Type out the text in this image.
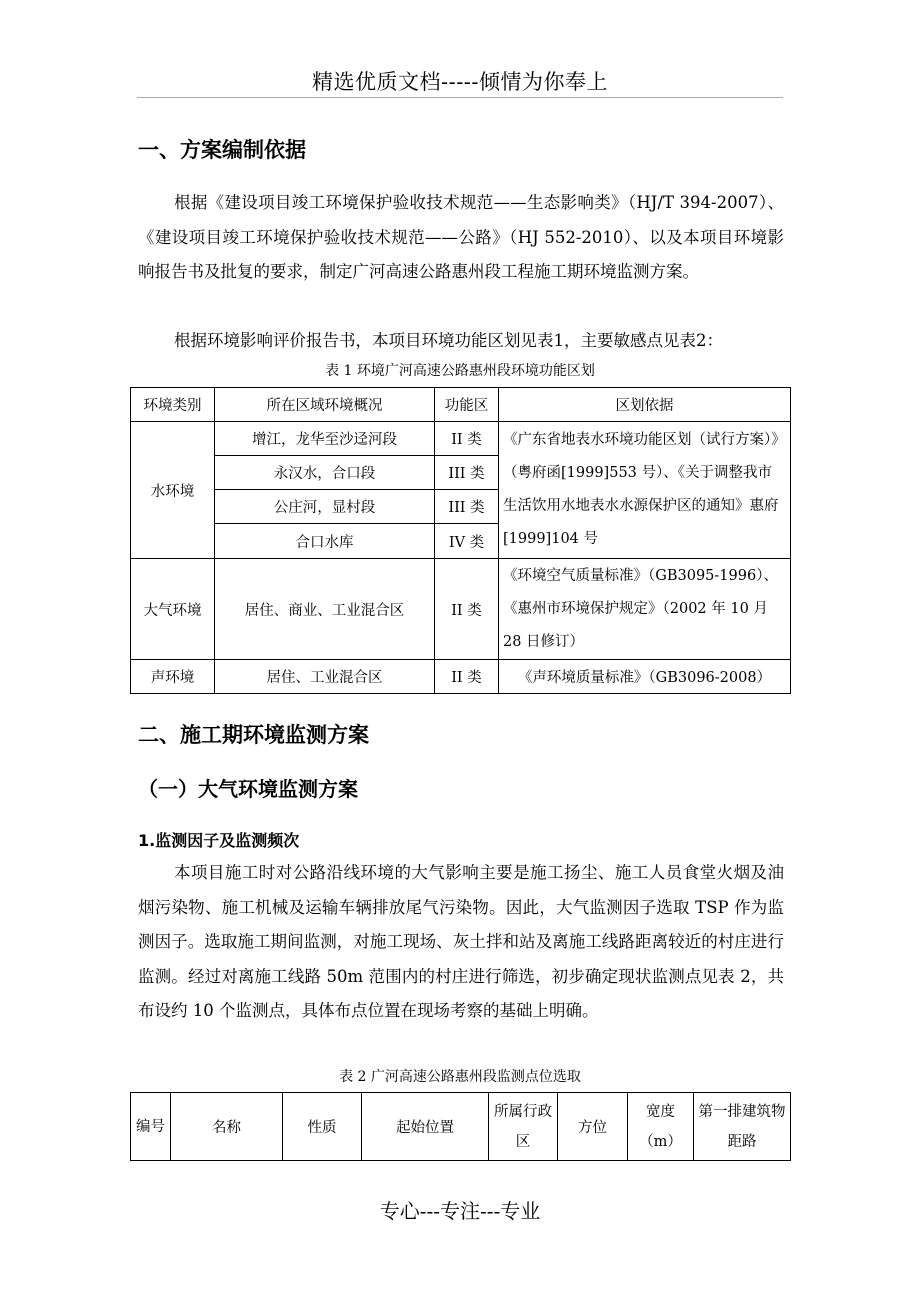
精选优质文档-----倾情为你奉上
一、方案编制依据
根据《建设项目竣工环境保护验收技术规范——生态影响类》（HJ/T 394-2007）、《建设项目竣工环境保护验收技术规范——公路》（HJ 552-2010）、以及本项目环境影响报告书及批复的要求，制定广河高速公路惠州段工程施工期环境监测方案。
根据环境影响评价报告书，本项目环境功能区划见表1，主要敏感点见表2：
表 1 环境广河高速公路惠州段环境功能区划
环境类别	所在区域环境概况	功能区	区划依据
水环境	增江，龙华至沙迳河段	II 类	《广东省地表水环境功能区划（试行方案）》（粤府函[1999]553 号）、《关于调整我市生活饮用水地表水水源保护区的通知》惠府[1999]104 号
	永汉水，合口段	III 类	
	公庄河，显村段	III 类	
	合口水库	IV 类	
大气环境	居住、商业、工业混合区	II 类	《环境空气质量标准》（GB3095-1996）、《惠州市环境保护规定》（2002 年 10 月 28 日修订）
声环境	居住、工业混合区	II 类	《声环境质量标准》（GB3096-2008）
二、施工期环境监测方案
（一）大气环境监测方案
1.监测因子及监测频次
本项目施工时对公路沿线环境的大气影响主要是施工扬尘、施工人员食堂火烟及油烟污染物、施工机械及运输车辆排放尾气污染物。因此，大气监测因子选取 TSP 作为监测因子。选取施工期间监测，对施工现场、灰土拌和站及离施工线路距离较近的村庄进行监测。经过对离施工线路 50m 范围内的村庄进行筛选，初步确定现状监测点见表 2，共布设约 10 个监测点，具体布点位置在现场考察的基础上明确。
表 2 广河高速公路惠州段监测点位选取
编号	名称	性质	起始位置	所属行政区	方位	宽度（m）	第一排建筑物距路
专心---专注---专业
